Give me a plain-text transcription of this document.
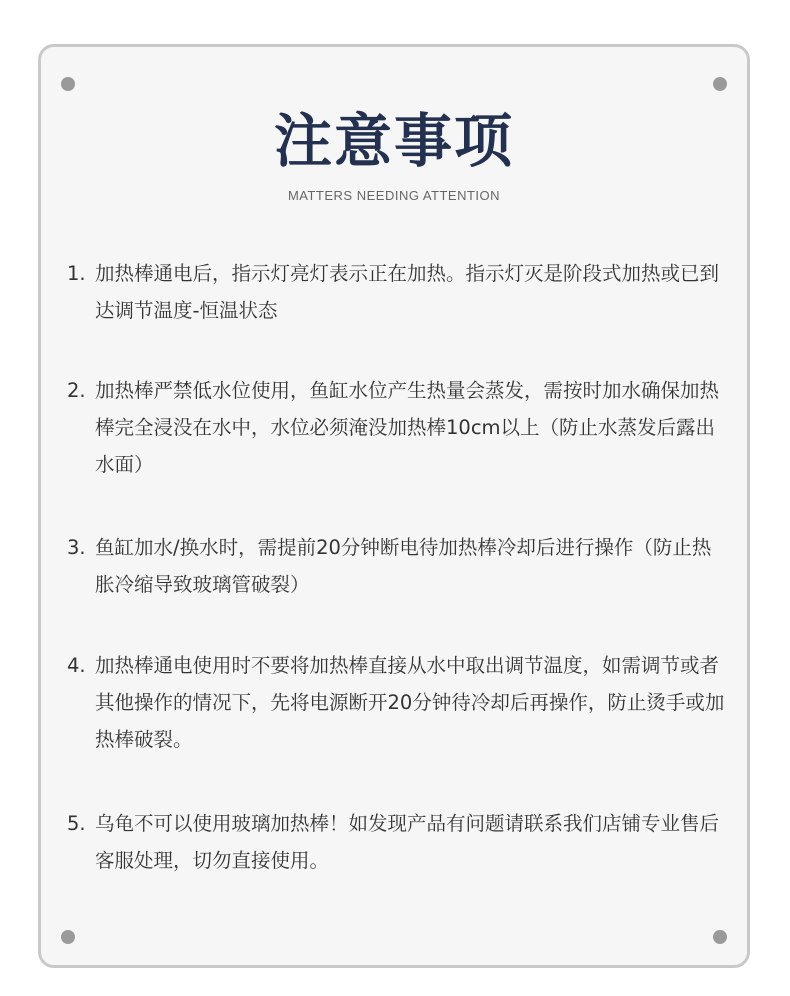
注意事项
MATTERS NEEDING ATTENTION
1. 加热棒通电后，指示灯亮灯表示正在加热。指示灯灭是阶段式加热或已到达调节温度-恒温状态
2. 加热棒严禁低水位使用，鱼缸水位产生热量会蒸发，需按时加水确保加热棒完全浸没在水中，水位必须淹没加热棒10cm以上（防止水蒸发后露出水面）
3. 鱼缸加水/换水时，需提前20分钟断电待加热棒冷却后进行操作（防止热胀冷缩导致玻璃管破裂）
4. 加热棒通电使用时不要将加热棒直接从水中取出调节温度，如需调节或者其他操作的情况下，先将电源断开20分钟待冷却后再操作，防止烫手或加热棒破裂。
5. 乌龟不可以使用玻璃加热棒！如发现产品有问题请联系我们店铺专业售后客服处理，切勿直接使用。
